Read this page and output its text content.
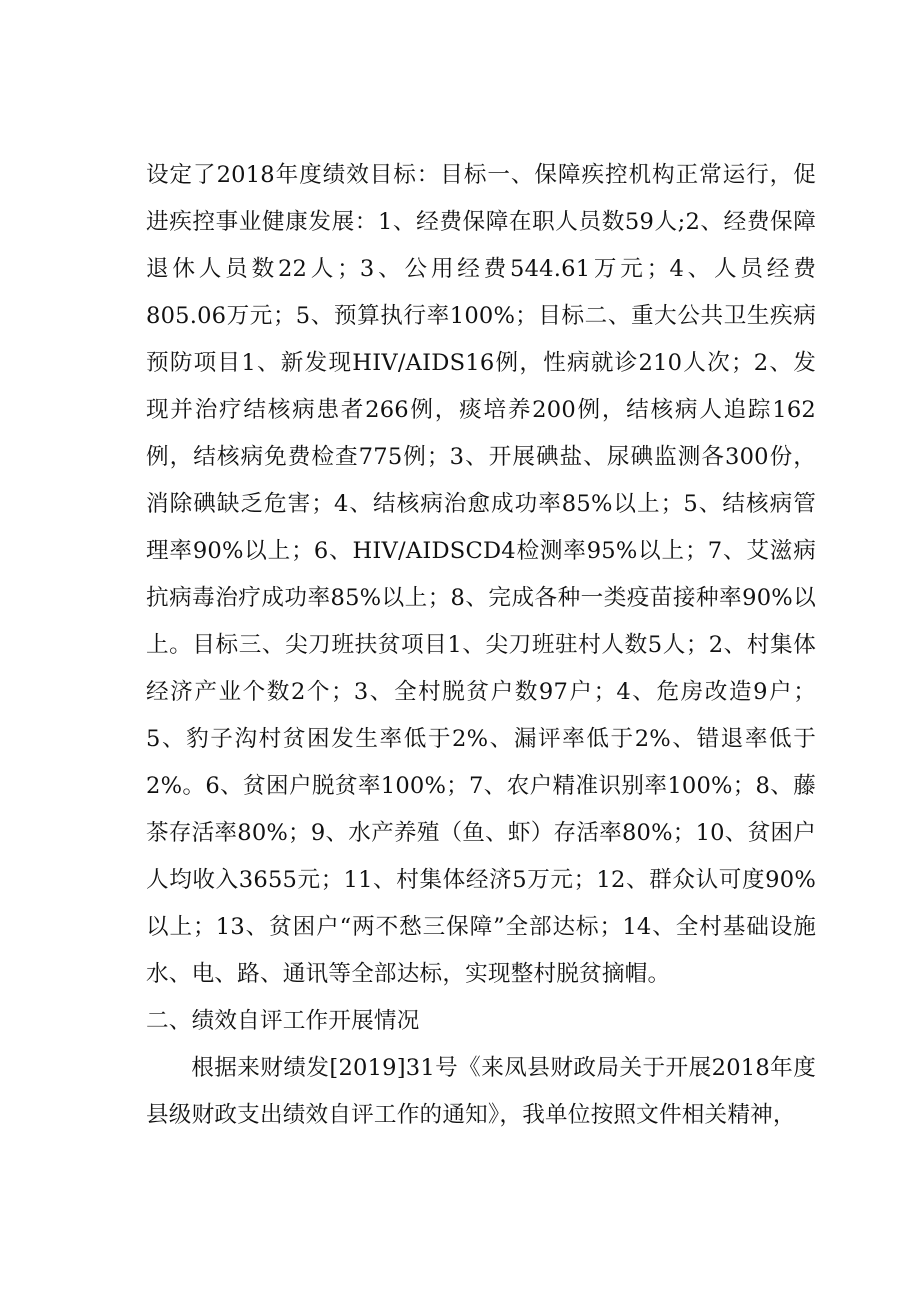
设定了2018年度绩效目标：目标一、保障疾控机构正常运行，促进疾控事业健康发展：1、经费保障在职人员数59人;2、经费保障退休人员数22人；3、公用经费544.61万元；4、人员经费805.06万元；5、预算执行率100%；目标二、重大公共卫生疾病预防项目1、新发现HIV/AIDS16例，性病就诊210人次；2、发现并治疗结核病患者266例，痰培养200例，结核病人追踪162例，结核病免费检查775例；3、开展碘盐、尿碘监测各300份，消除碘缺乏危害；4、结核病治愈成功率85%以上；5、结核病管理率90%以上；6、HIV/AIDSCD4检测率95%以上；7、艾滋病抗病毒治疗成功率85%以上；8、完成各种一类疫苗接种率90%以上。目标三、尖刀班扶贫项目1、尖刀班驻村人数5人；2、村集体经济产业个数2个；3、全村脱贫户数97户；4、危房改造9户；5、豹子沟村贫困发生率低于2%、漏评率低于2%、错退率低于2%。6、贫困户脱贫率100%；7、农户精准识别率100%；8、藤茶存活率80%；9、水产养殖（鱼、虾）存活率80%；10、贫困户人均收入3655元；11、村集体经济5万元；12、群众认可度90%以上；13、贫困户“两不愁三保障”全部达标；14、全村基础设施水、电、路、通讯等全部达标，实现整村脱贫摘帽。

二、绩效自评工作开展情况

根据来财绩发[2019]31号《来凤县财政局关于开展2018年度县级财政支出绩效自评工作的通知》，我单位按照文件相关精神，
